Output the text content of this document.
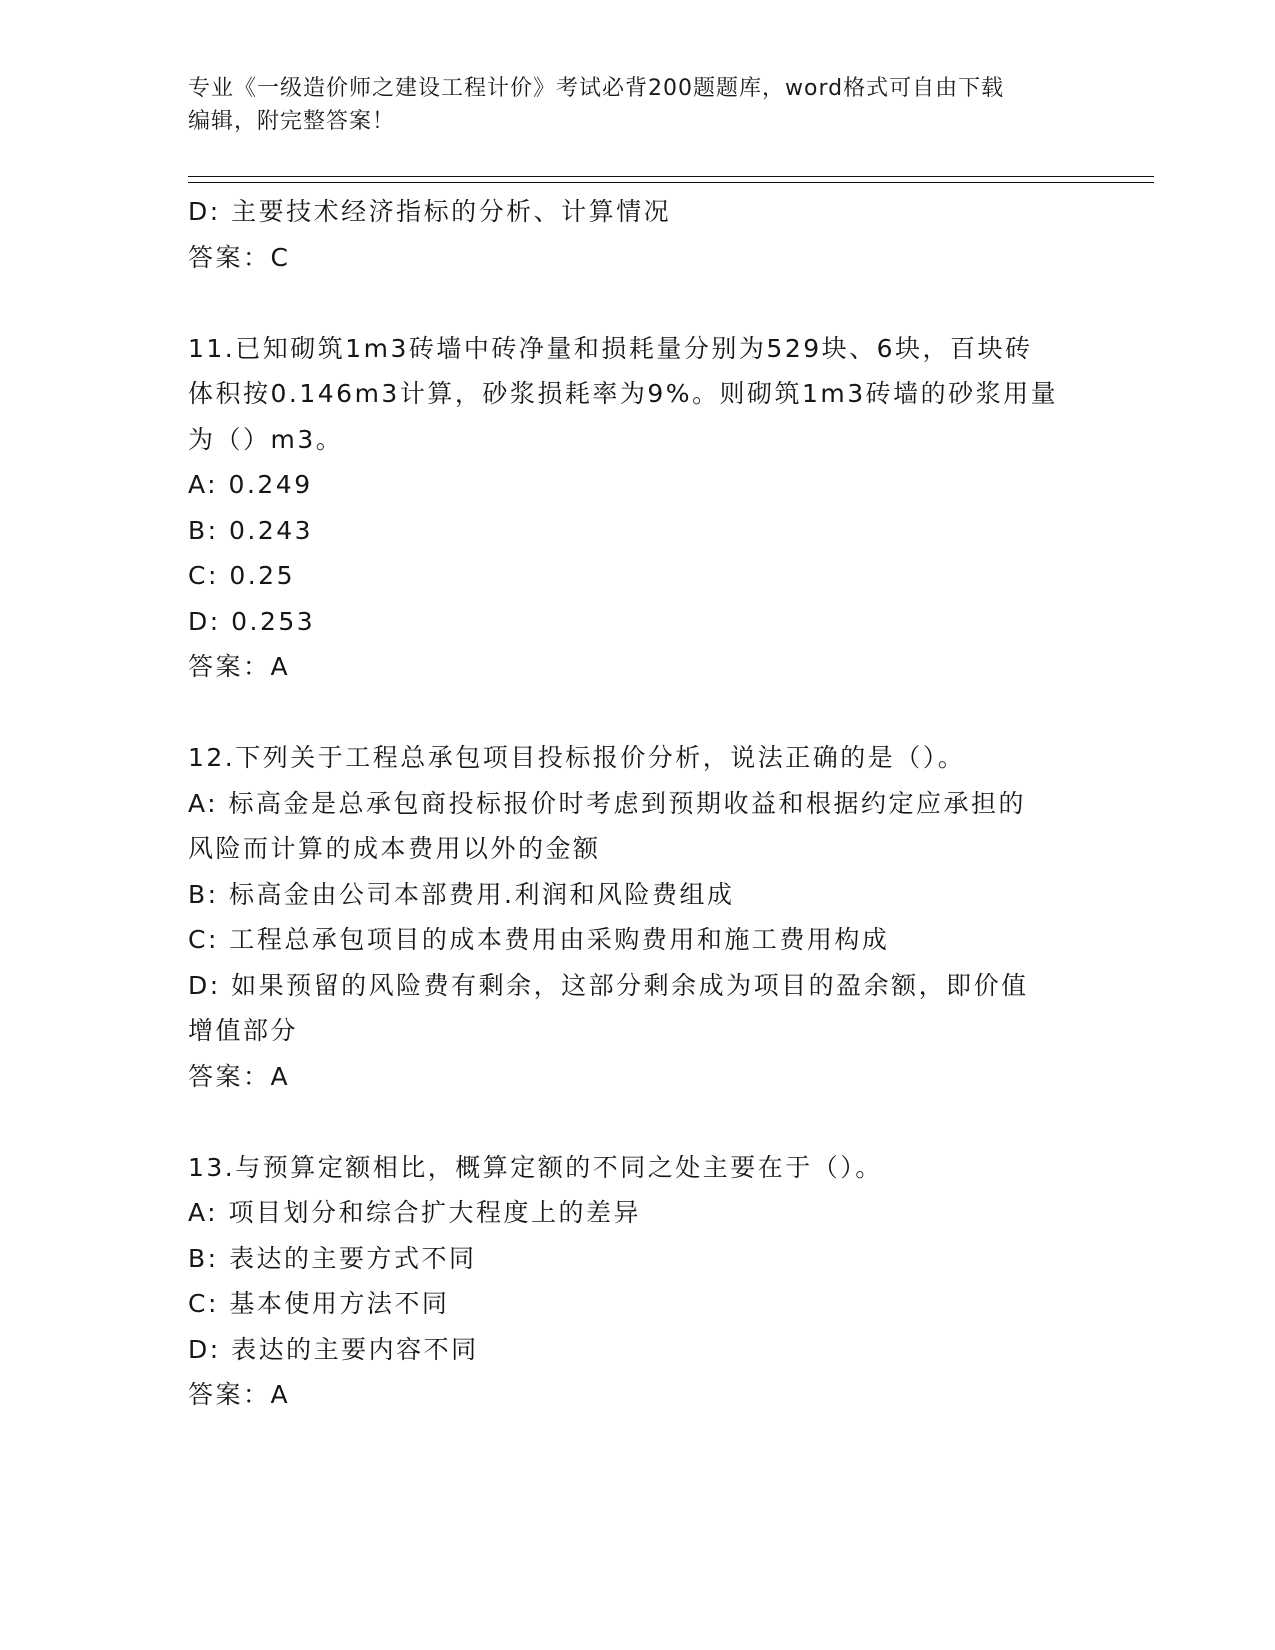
专业《一级造价师之建设工程计价》考试必背200题题库，word格式可自由下载
编辑，附完整答案！
D: 主要技术经济指标的分析、计算情况
答案：C
11.已知砌筑1m3砖墙中砖净量和损耗量分别为529块、6块，百块砖
体积按0.146m3计算，砂浆损耗率为9%。则砌筑1m3砖墙的砂浆用量
为（）m3。
A: 0.249
B: 0.243
C: 0.25
D: 0.253
答案：A
12.下列关于工程总承包项目投标报价分析，说法正确的是（）。
A: 标高金是总承包商投标报价时考虑到预期收益和根据约定应承担的
风险而计算的成本费用以外的金额
B: 标高金由公司本部费用.利润和风险费组成
C: 工程总承包项目的成本费用由采购费用和施工费用构成
D: 如果预留的风险费有剩余，这部分剩余成为项目的盈余额，即价值
增值部分
答案：A
13.与预算定额相比，概算定额的不同之处主要在于（）。
A: 项目划分和综合扩大程度上的差异
B: 表达的主要方式不同
C: 基本使用方法不同
D: 表达的主要内容不同
答案：A
